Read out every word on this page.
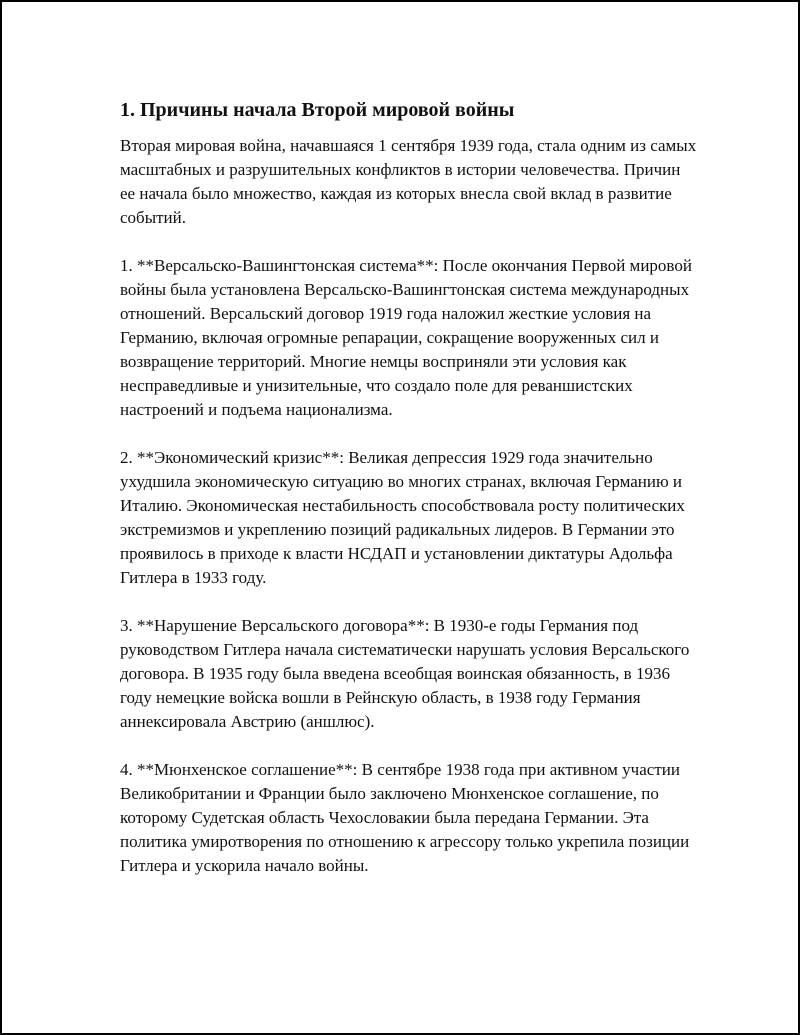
1. Причины начала Второй мировой войны

Вторая мировая война, начавшаяся 1 сентября 1939 года, стала одним из самых масштабных и разрушительных конфликтов в истории человечества. Причин ее начала было множество, каждая из которых внесла свой вклад в развитие событий.

1. **Версальско-Вашингтонская система**: После окончания Первой мировой войны была установлена Версальско-Вашингтонская система международных отношений. Версальский договор 1919 года наложил жесткие условия на Германию, включая огромные репарации, сокращение вооруженных сил и возвращение территорий. Многие немцы восприняли эти условия как несправедливые и унизительные, что создало поле для реваншистских настроений и подъема национализма.

2. **Экономический кризис**: Великая депрессия 1929 года значительно ухудшила экономическую ситуацию во многих странах, включая Германию и Италию. Экономическая нестабильность способствовала росту политических экстремизмов и укреплению позиций радикальных лидеров. В Германии это проявилось в приходе к власти НСДАП и установлении диктатуры Адольфа Гитлера в 1933 году.

3. **Нарушение Версальского договора**: В 1930-е годы Германия под руководством Гитлера начала систематически нарушать условия Версальского договора. В 1935 году была введена всеобщая воинская обязанность, в 1936 году немецкие войска вошли в Рейнскую область, в 1938 году Германия аннексировала Австрию (аншлюс).

4. **Мюнхенское соглашение**: В сентябре 1938 года при активном участии Великобритании и Франции было заключено Мюнхенское соглашение, по которому Судетская область Чехословакии была передана Германии. Эта политика умиротворения по отношению к агрессору только укрепила позиции Гитлера и ускорила начало войны.
